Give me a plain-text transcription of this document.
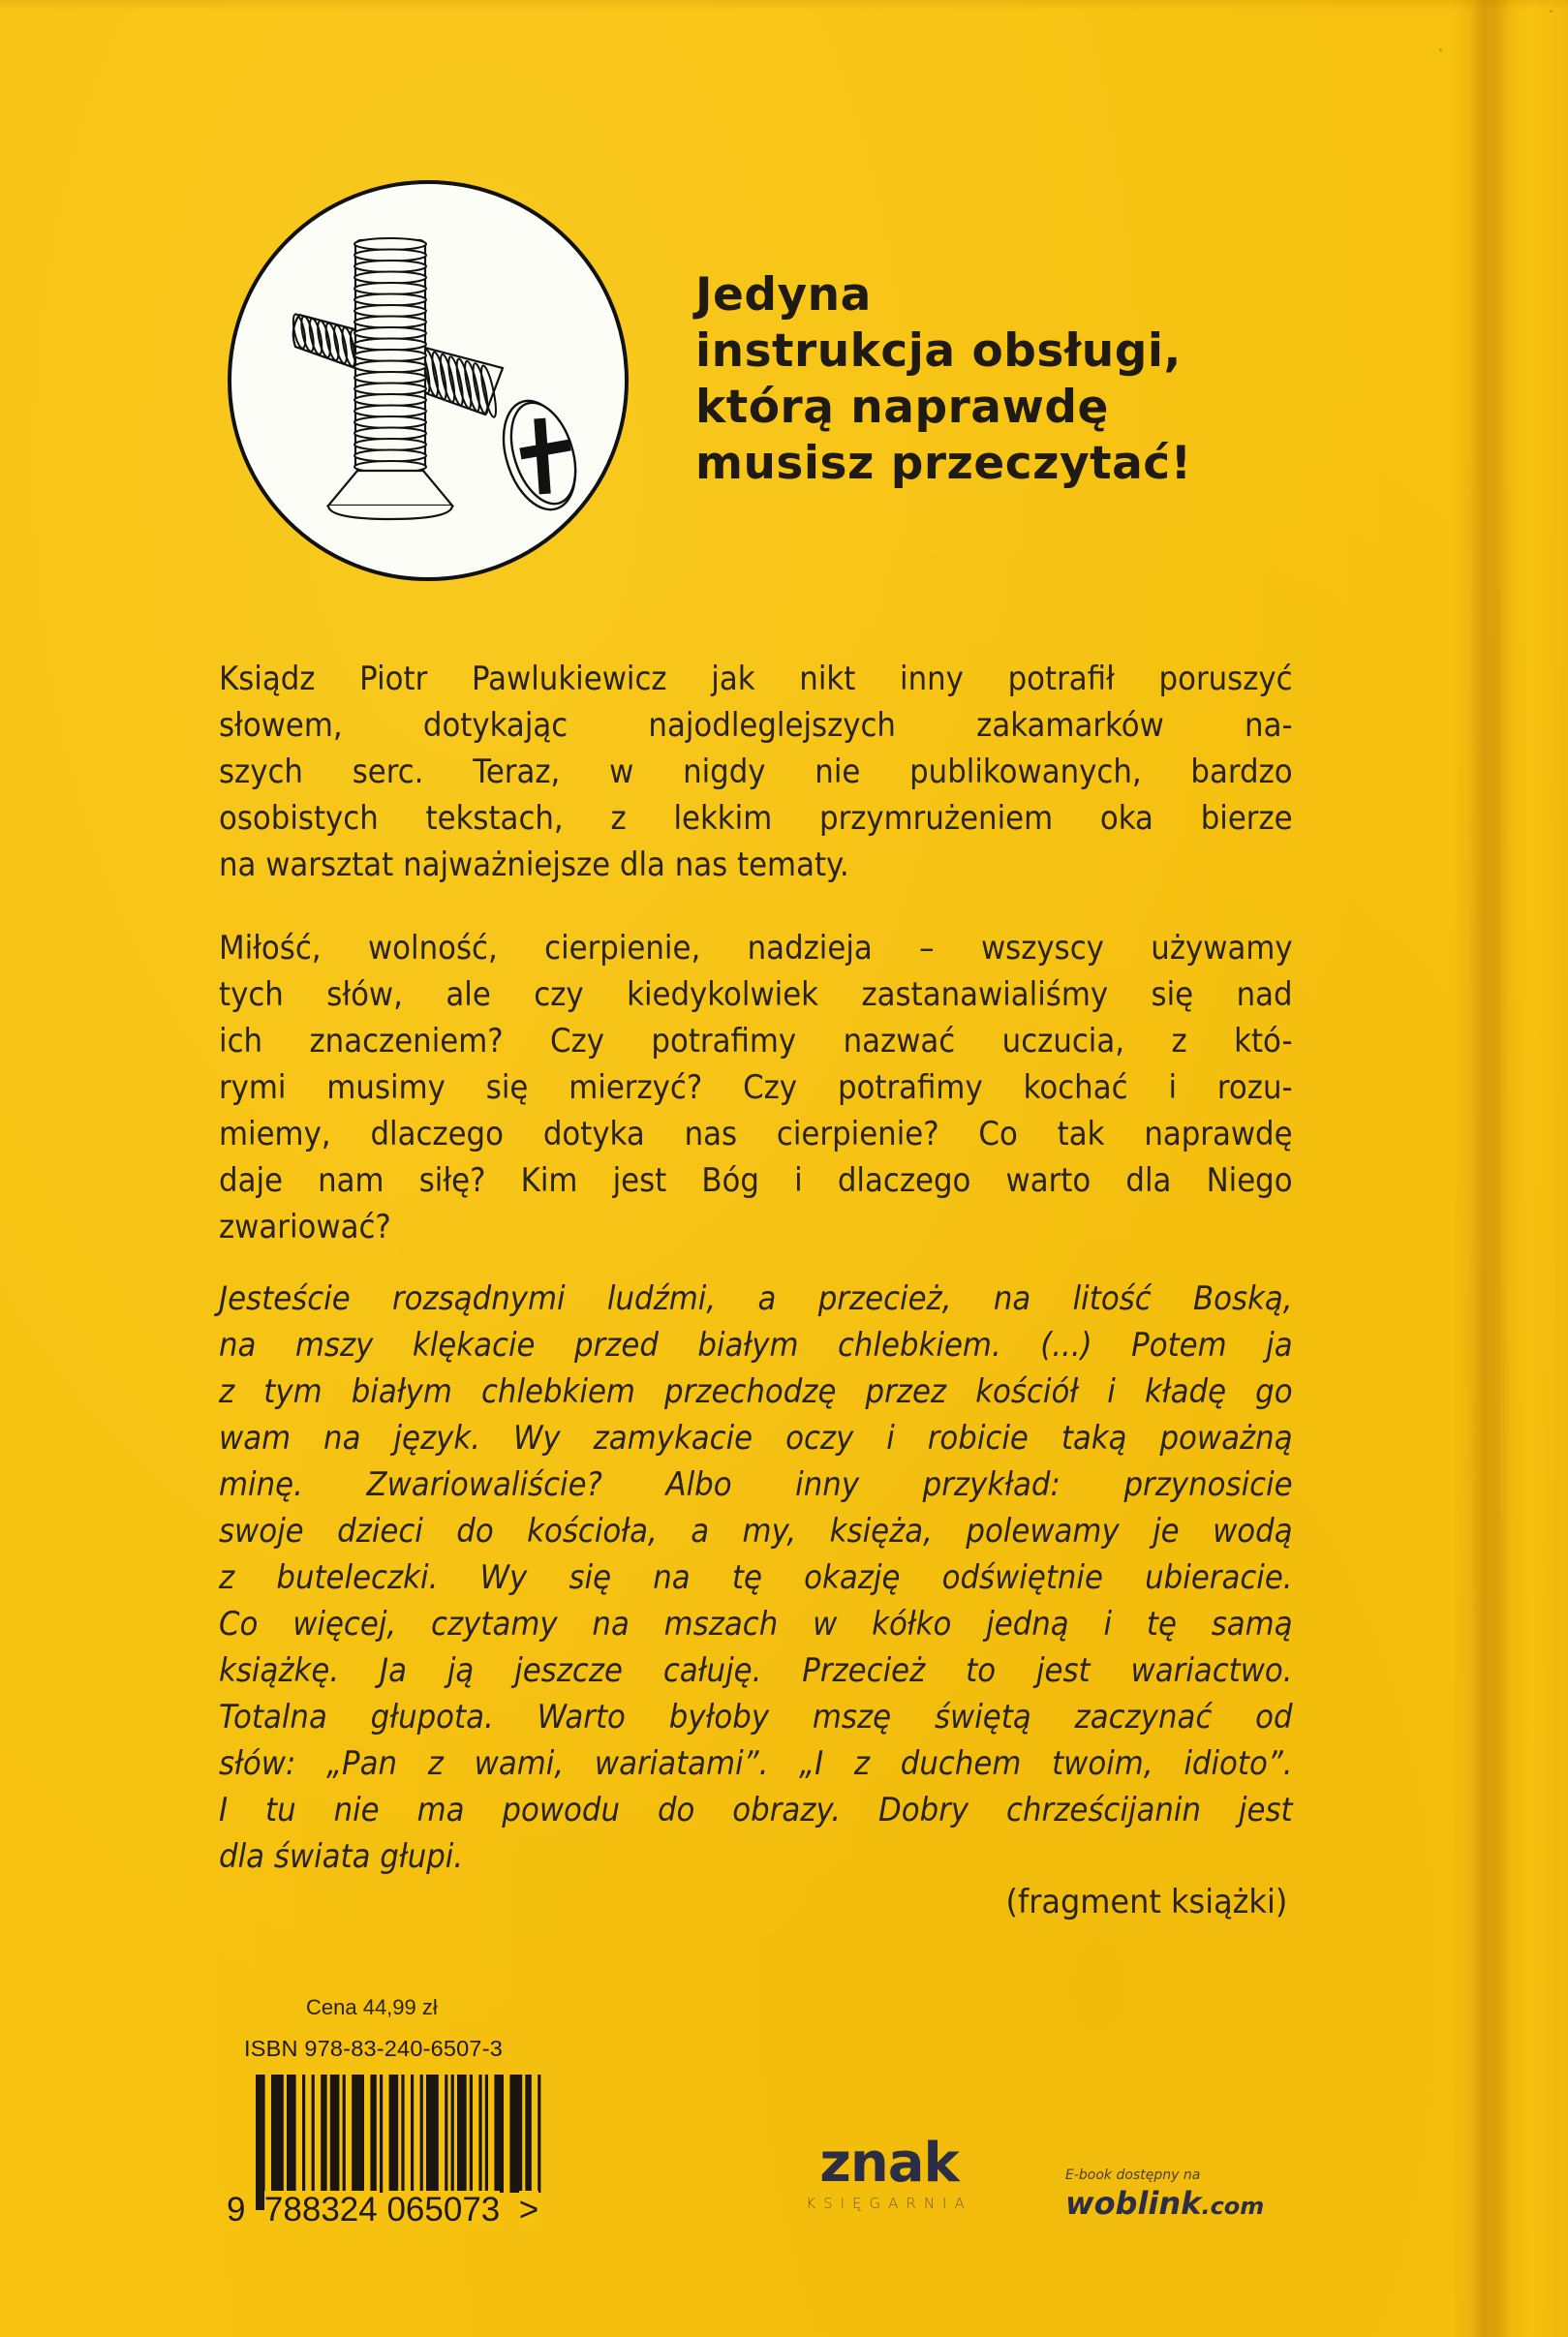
Jedyna
instrukcja obsługi,
którą naprawdę
musisz przeczytać!
Ksiądz Piotr Pawlukiewicz jak nikt inny potrafił poruszyć
słowem, dotykając najodleglejszych zakamarków na-
szych serc. Teraz, w nigdy nie publikowanych, bardzo
osobistych tekstach, z lekkim przymrużeniem oka bierze
na warsztat najważniejsze dla nas tematy.
Miłość, wolność, cierpienie, nadzieja – wszyscy używamy
tych słów, ale czy kiedykolwiek zastanawialiśmy się nad
ich znaczeniem? Czy potrafimy nazwać uczucia, z któ-
rymi musimy się mierzyć? Czy potrafimy kochać i rozu-
miemy, dlaczego dotyka nas cierpienie? Co tak naprawdę
daje nam siłę? Kim jest Bóg i dlaczego warto dla Niego
zwariować?
Jesteście rozsądnymi ludźmi, a przecież, na litość Boską,
na mszy klękacie przed białym chlebkiem. (...) Potem ja
z tym białym chlebkiem przechodzę przez kościół i kładę go
wam na język. Wy zamykacie oczy i robicie taką poważną
minę. Zwariowaliście? Albo inny przykład: przynosicie
swoje dzieci do kościoła, a my, księża, polewamy je wodą
z buteleczki. Wy się na tę okazję odświętnie ubieracie.
Co więcej, czytamy na mszach w kółko jedną i tę samą
książkę. Ja ją jeszcze całuję. Przecież to jest wariactwo.
Totalna głupota. Warto byłoby mszę świętą zaczynać od
słów: „Pan z wami, wariatami”. „I z duchem twoim, idioto”.
I tu nie ma powodu do obrazy. Dobry chrześcijanin jest
dla świata głupi.
(fragment książki)
Cena 44,99 zł
ISBN 978-83-240-6507-3
9 788324 065073 >
znak
KSIĘGARNIA
E-book dostępny na
woblink.com
